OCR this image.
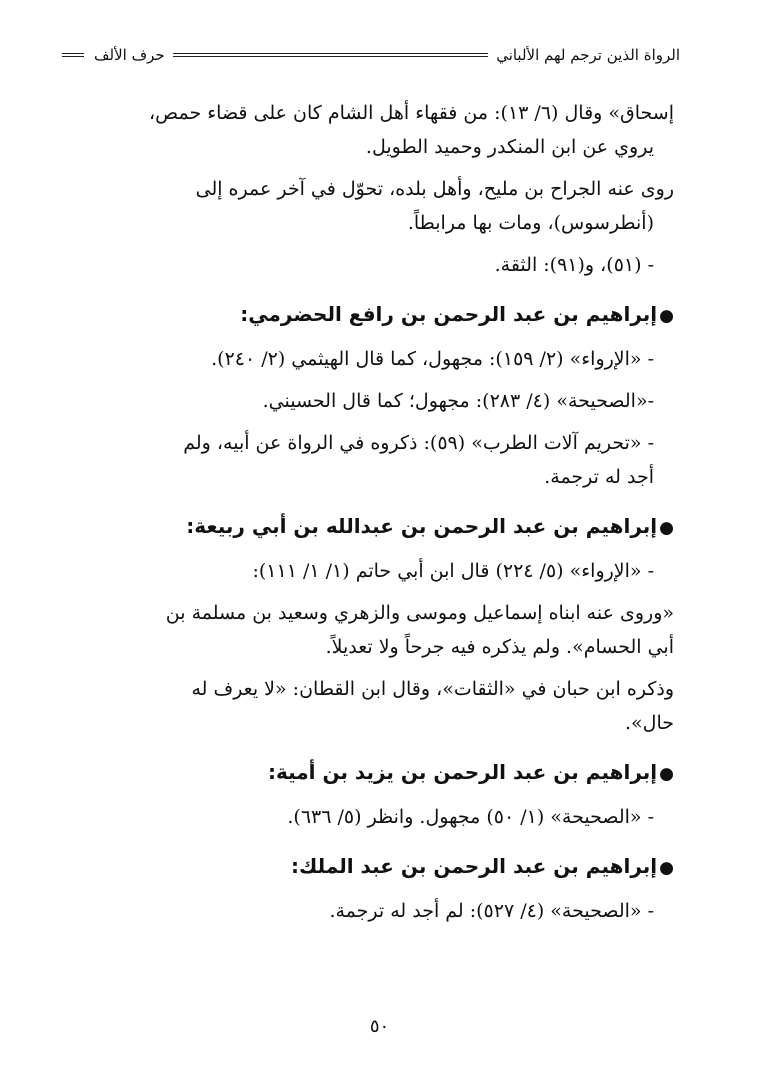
الرواة الذين ترجم لهم الألباني
حرف الألف

إسحاق» وقال (٦/ ١٣): من فقهاء أهل الشام كان على قضاء حمص،

يروي عن ابن المنكدر وحميد الطويل.

روى عنه الجراح بن مليح، وأهل بلده، تحوّل في آخر عمره إلى

(أنطرسوس)، ومات بها مرابطاً.

- (٥١)، و(٩١): الثقة.

●إبراهيم بن عبد الرحمن بن رافع الحضرمي:

- «الإرواء» (٢/ ١٥٩): مجهول، كما قال الهيثمي (٢/ ٢٤٠).

-«الصحيحة» (٤/ ٢٨٣): مجهول؛ كما قال الحسيني.

- «تحريم آلات الطرب» (٥٩): ذكروه في الرواة عن أبيه، ولم

أجد له ترجمة.

●إبراهيم بن عبد الرحمن بن عبدالله بن أبي ربيعة:

- «الإرواء» (٥/ ٢٢٤) قال ابن أبي حاتم (١/ ١/ ١١١):

«وروى عنه ابناه إسماعيل وموسى والزهري وسعيد بن مسلمة بن

أبي الحسام». ولم يذكره فيه جرحاً ولا تعديلاً.

وذكره ابن حبان في «الثقات»، وقال ابن القطان: «لا يعرف له

حال».

●إبراهيم بن عبد الرحمن بن يزيد بن أمية:

- «الصحيحة» (١/ ٥٠) مجهول. وانظر (٥/ ٦٣٦).

●إبراهيم بن عبد الرحمن بن عبد الملك:

- «الصحيحة» (٤/ ٥٢٧): لم أجد له ترجمة.

٥٠
